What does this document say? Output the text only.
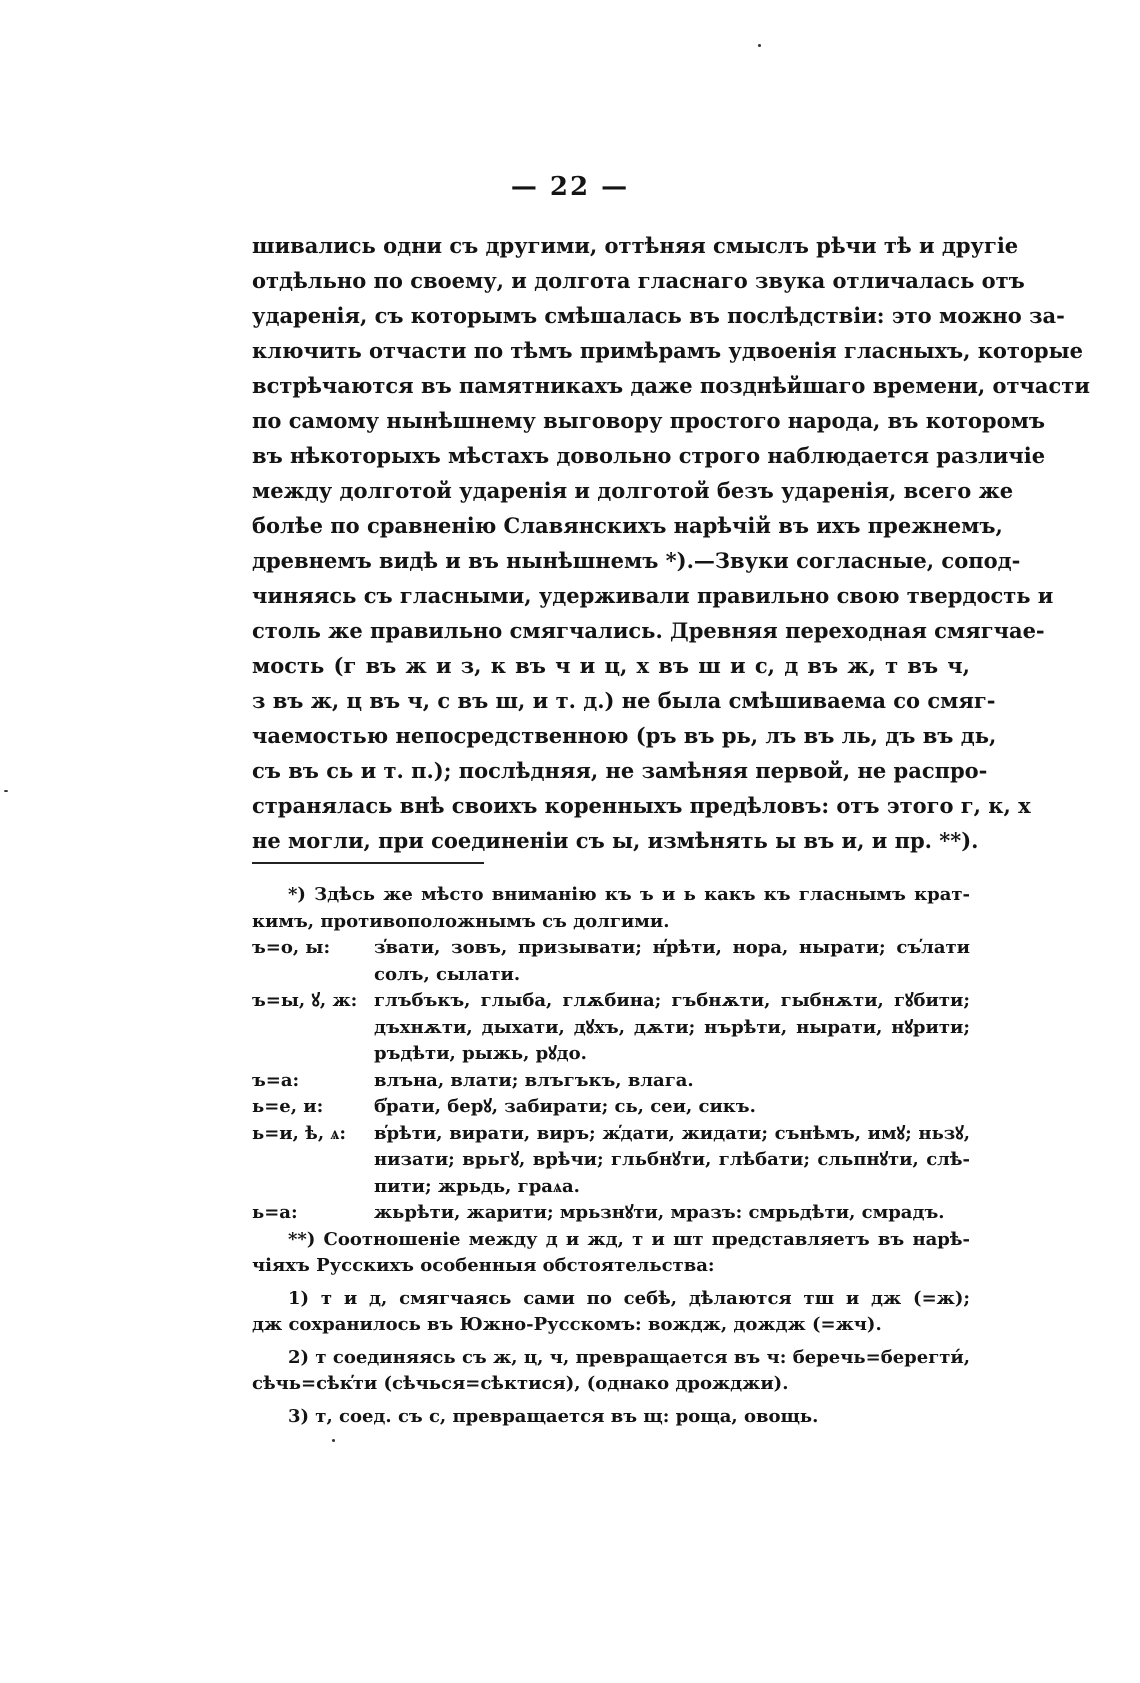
— 22 —
шивались одни съ другими, оттѣняя смыслъ рѣчи тѣ и другіе
отдѣльно по своему, и долгота гласнаго звука отличалась отъ
ударенія, съ которымъ смѣшалась въ послѣдствіи: это можно за-
ключить отчасти по тѣмъ примѣрамъ удвоенія гласныхъ, которые
встрѣчаются въ памятникахъ даже позднѣйшаго времени, отчасти
по самому нынѣшнему выговору простого народа, въ которомъ
въ нѣкоторыхъ мѣстахъ довольно строго наблюдается различіе
между долготой ударенія и долготой безъ ударенія, всего же
болѣе по сравненію Славянскихъ нарѣчій въ ихъ прежнемъ,
древнемъ видѣ и въ нынѣшнемъ *).—Звуки согласные, сопод-
чиняясь съ гласными, удерживали правильно свою твердость и
столь же правильно смягчались. Древняя переходная смягчае-
мость (г въ ж и з, к въ ч и ц, х въ ш и с, д въ ж, т въ ч,
з въ ж, ц въ ч, с въ ш, и т. д.) не была смѣшиваема со смяг-
чаемостью непосредственною (ръ въ рь, лъ въ ль, дъ въ дь,
съ въ сь и т. п.); послѣдняя, не замѣняя первой, не распро-
странялась внѣ своихъ коренныхъ предѣловъ: отъ этого г, к, х
не могли, при соединеніи съ ы, измѣнять ы въ и, и пр. **).
*) Здѣсь же мѣсто вниманію къ ъ и ь какъ къ гласнымъ крат-
кимъ, противоположнымъ съ долгими.
ъ=о, ы:	з̕вати, зовъ, призывати; н̕рѣти, нора, нырати; съ̕лати
солъ, сылати.
ъ=ы, ꙋ, ж: глъбъкъ, глыба, глѫбина; гъбнѫти, гыбнѫти, гꙋбити;
дъхнѫти, дыхати, дꙋхъ, дѫти; нърѣти, нырати, нꙋрити;
ръдѣти, рыжь, рꙋдо.
ъ=а:	влъна, влати; влъгъкъ, влага.
ь=е, и:	б̕рати, берꙋ, забирати; сь, сеи, сикъ.
ь=и, ѣ, ѧ:	в̕рѣти, вирати, виръ; ж̕дати, жидати; сънѣмъ, имꙋ; ньзꙋ,
низати; врьгꙋ, врѣчи; гльбнꙋти, глѣбати; сльпнꙋти, слѣ-
пити; жрьдь, граѧа.
ь=а:	жьрѣти, жарити; мрьзнꙋти, мразъ: смрьдѣти, смрадъ.
**) Соотношеніе между д и жд, т и шт представляетъ въ нарѣ-
чіяхъ Русскихъ особенныя обстоятельства:
1) т и д, смягчаясь сами по себѣ, дѣлаются тш и дж (=ж);
дж сохранилось въ Южно-Русскомъ: вождж, дождж (=жч).
2) т соединяясь съ ж, ц, ч, превращается въ ч: беречь=берегти́,
сѣчь=сѣк̕ти (сѣчься=сѣктися), (однако дрожджи).
3) т, соед. съ с, превращается въ щ: роща, овощь.
